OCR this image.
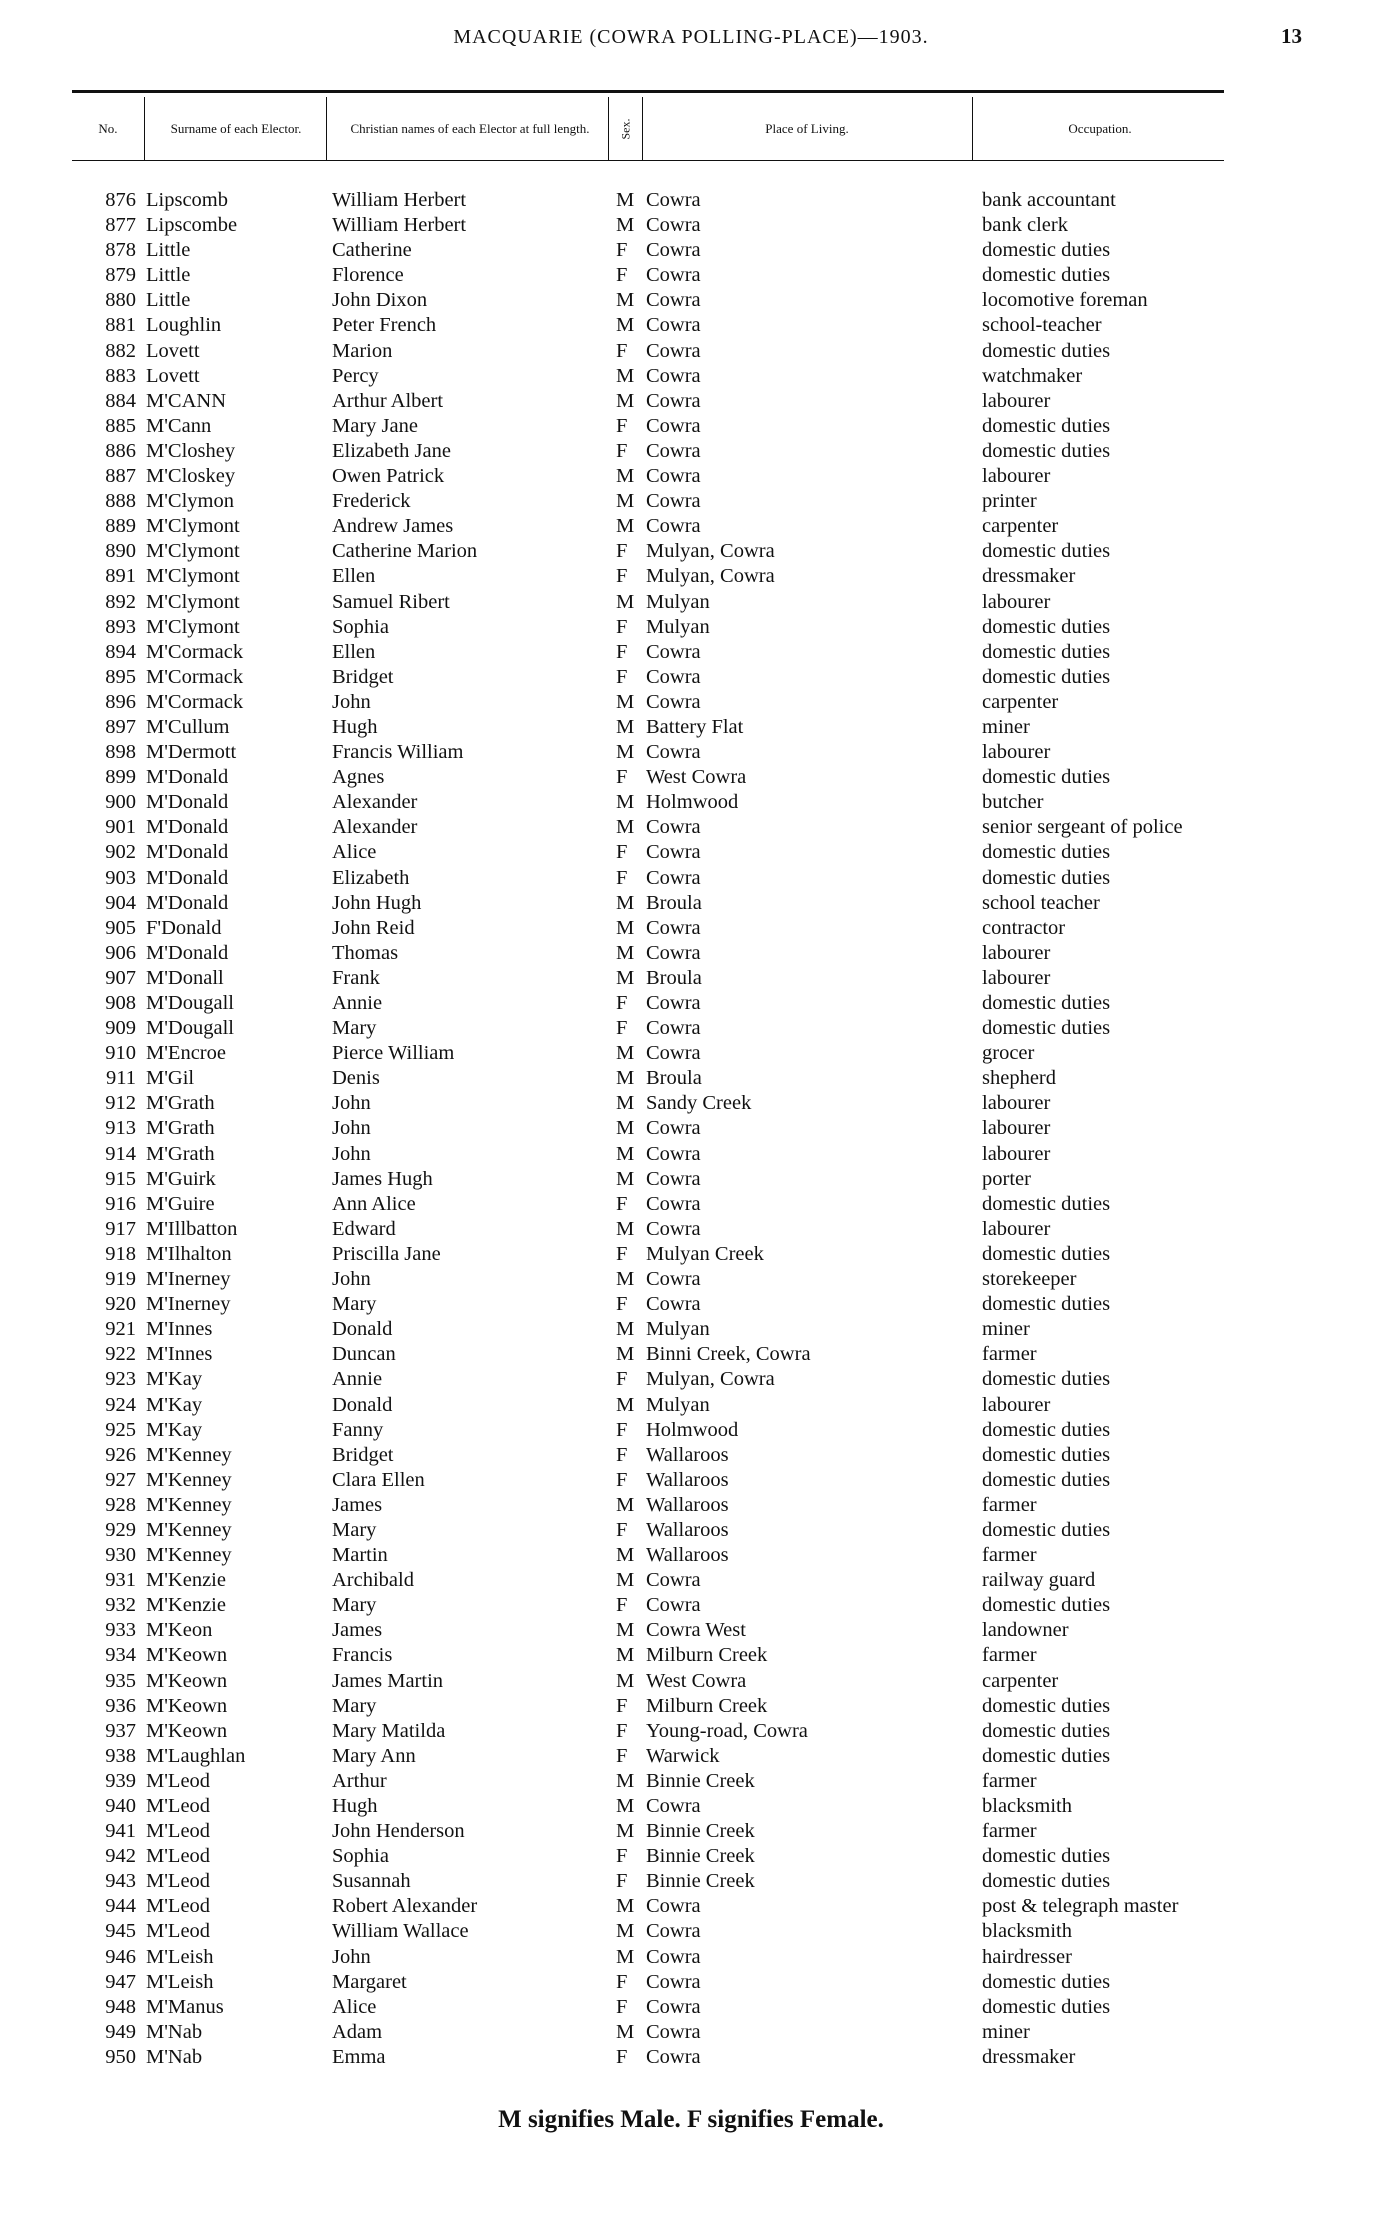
MACQUARIE (COWRA POLLING-PLACE)—1903.	13
No.	Surname of each Elector.	Christian names of each Elector at full length.	Sex.	Place of Living.	Occupation.
876 Lipscomb	William Herbert	M Cowra	bank accountant
877 Lipscombe	William Herbert	M Cowra	bank clerk
878 Little	Catherine	F Cowra	domestic duties
879 Little	Florence	F Cowra	domestic duties
880 Little	John Dixon	M Cowra	locomotive foreman
881 Loughlin	Peter French	M Cowra	school-teacher
882 Lovett	Marion	F Cowra	domestic duties
883 Lovett	Percy	M Cowra	watchmaker
884 M'CANN	Arthur Albert	M Cowra	labourer
885 M'Cann	Mary Jane	F Cowra	domestic duties
886 M'Closhey	Elizabeth Jane	F Cowra	domestic duties
887 M'Closkey	Owen Patrick	M Cowra	labourer
888 M'Clymon	Frederick	M Cowra	printer
889 M'Clymont	Andrew James	M Cowra	carpenter
890 M'Clymont	Catherine Marion	F Mulyan, Cowra	domestic duties
891 M'Clymont	Ellen	F Mulyan, Cowra	dressmaker
892 M'Clymont	Samuel Ribert	M Mulyan	labourer
893 M'Clymont	Sophia	F Mulyan	domestic duties
894 M'Cormack	Ellen	F Cowra	domestic duties
895 M'Cormack	Bridget	F Cowra	domestic duties
896 M'Cormack	John	M Cowra	carpenter
897 M'Cullum	Hugh	M Battery Flat	miner
898 M'Dermott	Francis William	M Cowra	labourer
899 M'Donald	Agnes	F West Cowra	domestic duties
900 M'Donald	Alexander	M Holmwood	butcher
901 M'Donald	Alexander	M Cowra	senior sergeant of police
902 M'Donald	Alice	F Cowra	domestic duties
903 M'Donald	Elizabeth	F Cowra	domestic duties
904 M'Donald	John Hugh	M Broula	school teacher
905 F'Donald	John Reid	M Cowra	contractor
906 M'Donald	Thomas	M Cowra	labourer
907 M'Donall	Frank	M Broula	labourer
908 M'Dougall	Annie	F Cowra	domestic duties
909 M'Dougall	Mary	F Cowra	domestic duties
910 M'Encroe	Pierce William	M Cowra	grocer
911 M'Gil	Denis	M Broula	shepherd
912 M'Grath	John	M Sandy Creek	labourer
913 M'Grath	John	M Cowra	labourer
914 M'Grath	John	M Cowra	labourer
915 M'Guirk	James Hugh	M Cowra	porter
916 M'Guire	Ann Alice	F Cowra	domestic duties
917 M'Illbatton	Edward	M Cowra	labourer
918 M'Ilhalton	Priscilla Jane	F Mulyan Creek	domestic duties
919 M'Inerney	John	M Cowra	storekeeper
920 M'Inerney	Mary	F Cowra	domestic duties
921 M'Innes	Donald	M Mulyan	miner
922 M'Innes	Duncan	M Binni Creek, Cowra	farmer
923 M'Kay	Annie	F Mulyan, Cowra	domestic duties
924 M'Kay	Donald	M Mulyan	labourer
925 M'Kay	Fanny	F Holmwood	domestic duties
926 M'Kenney	Bridget	F Wallaroos	domestic duties
927 M'Kenney	Clara Ellen	F Wallaroos	domestic duties
928 M'Kenney	James	M Wallaroos	farmer
929 M'Kenney	Mary	F Wallaroos	domestic duties
930 M'Kenney	Martin	M Wallaroos	farmer
931 M'Kenzie	Archibald	M Cowra	railway guard
932 M'Kenzie	Mary	F Cowra	domestic duties
933 M'Keon	James	M Cowra West	landowner
934 M'Keown	Francis	M Milburn Creek	farmer
935 M'Keown	James Martin	M West Cowra	carpenter
936 M'Keown	Mary	F Milburn Creek	domestic duties
937 M'Keown	Mary Matilda	F Young-road, Cowra	domestic duties
938 M'Laughlan	Mary Ann	F Warwick	domestic duties
939 M'Leod	Arthur	M Binnie Creek	farmer
940 M'Leod	Hugh	M Cowra	blacksmith
941 M'Leod	John Henderson	M Binnie Creek	farmer
942 M'Leod	Sophia	F Binnie Creek	domestic duties
943 M'Leod	Susannah	F Binnie Creek	domestic duties
944 M'Leod	Robert Alexander	M Cowra	post & telegraph master
945 M'Leod	William Wallace	M Cowra	blacksmith
946 M'Leish	John	M Cowra	hairdresser
947 M'Leish	Margaret	F Cowra	domestic duties
948 M'Manus	Alice	F Cowra	domestic duties
949 M'Nab	Adam	M Cowra	miner
950 M'Nab	Emma	F Cowra	dressmaker
M signifies Male. F signifies Female.
